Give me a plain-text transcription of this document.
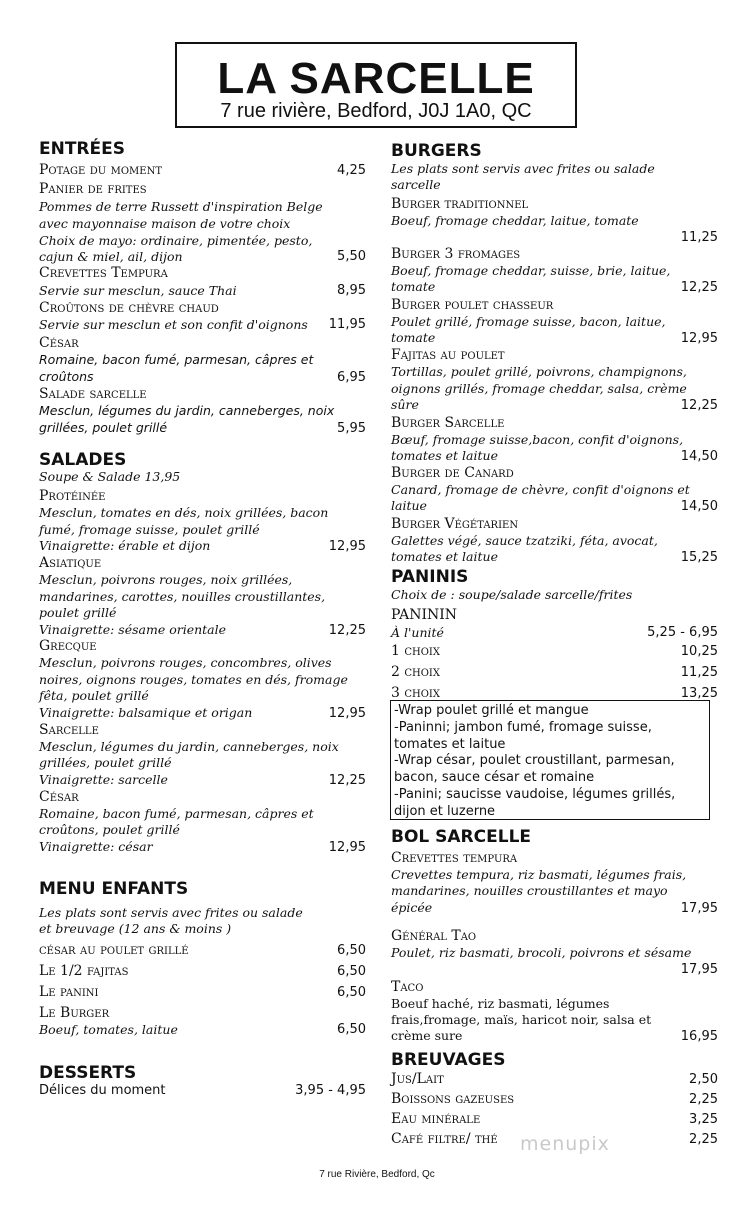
LA SARCELLE
7 rue rivière, Bedford, J0J 1A0, QC
ENTRÉES
Potage du moment	4,25
Panier de frites
Pommes de terre Russett d'inspiration Belge
avec mayonnaise maison de votre choix
Choix de mayo: ordinaire, pimentée, pesto,
cajun & miel, ail, dijon	5,50
Crevettes Tempura
Servie sur mesclun, sauce Thai	8,95
Croûtons de chèvre chaud
Servie sur mesclun et son confit d'oignons 11,95
César
Romaine, bacon fumé, parmesan, câpres et
croûtons	6,95
Salade sarcelle
Mesclun, légumes du jardin, canneberges, noix
grillées, poulet grillé	5,95
SALADES
Soupe & Salade 13,95
Protéinée
Mesclun, tomates en dés, noix grillées, bacon
fumé, fromage suisse, poulet grillé
Vinaigrette: érable et dijon	12,95
Asiatique
Mesclun, poivrons rouges, noix grillées,
mandarines, carottes, nouilles croustillantes,
poulet grillé
Vinaigrette: sésame orientale	12,25
Grecque
Mesclun, poivrons rouges, concombres, olives
noires, oignons rouges, tomates en dés, fromage
fêta, poulet grillé
Vinaigrette: balsamique et origan	12,95
Sarcelle
Mesclun, légumes du jardin, canneberges, noix
grillées, poulet grillé
Vinaigrette: sarcelle	12,25
César
Romaine, bacon fumé, parmesan, câpres et
croûtons, poulet grillé
Vinaigrette: césar	12,95
MENU ENFANTS
Les plats sont servis avec frites ou salade
et breuvage (12 ans & moins )
césar au poulet grillé	6,50
Le 1/2 fajitas	6,50
Le panini	6,50
Le Burger
Boeuf, tomates, laitue	6,50
DESSERTS
Délices du moment	3,95 - 4,95
BURGERS
Les plats sont servis avec frites ou salade
sarcelle
Burger traditionnel
Boeuf, fromage cheddar, laitue, tomate
11,25
Burger 3 fromages
Boeuf, fromage cheddar, suisse, brie, laitue,
tomate	12,25
Burger poulet chasseur
Poulet grillé, fromage suisse, bacon, laitue,
tomate	12,95
Fajitas au poulet
Tortillas, poulet grillé, poivrons, champignons,
oignons grillés, fromage cheddar, salsa, crème
sûre	12,25
Burger Sarcelle
Bœuf, fromage suisse,bacon, confit d'oignons,
tomates et laitue	14,50
Burger de Canard
Canard, fromage de chèvre, confit d'oignons et
laitue	14,50
Burger Végétarien
Galettes végé, sauce tzatziki, féta, avocat,
tomates et laitue	15,25
PANINIS
Choix de : soupe/salade sarcelle/frites
PANININ
À l'unité	5,25 - 6,95
1 choix	10,25
2 choix	11,25
3 choix	13,25
BOL SARCELLE
Crevettes tempura
Crevettes tempura, riz basmati, légumes frais,
mandarines, nouilles croustillantes et mayo
épicée	17,95
Général Tao
Poulet, riz basmati, brocoli, poivrons et sésame
17,95
Taco
Boeuf haché, riz basmati, légumes
frais,fromage, maïs, haricot noir, salsa et
crème sure	16,95
BREUVAGES
Jus/Lait	2,50
Boissons gazeuses	2,25
Eau minérale	3,25
Café filtre/ thé	2,25
-Wrap poulet grillé et mangue
-Paninni; jambon fumé, fromage suisse,
tomates et laitue
-Wrap césar, poulet croustillant, parmesan,
bacon, sauce césar et romaine
-Panini; saucisse vaudoise, légumes grillés,
dijon et luzerne
menupix
7 rue Rivière, Bedford, Qc
